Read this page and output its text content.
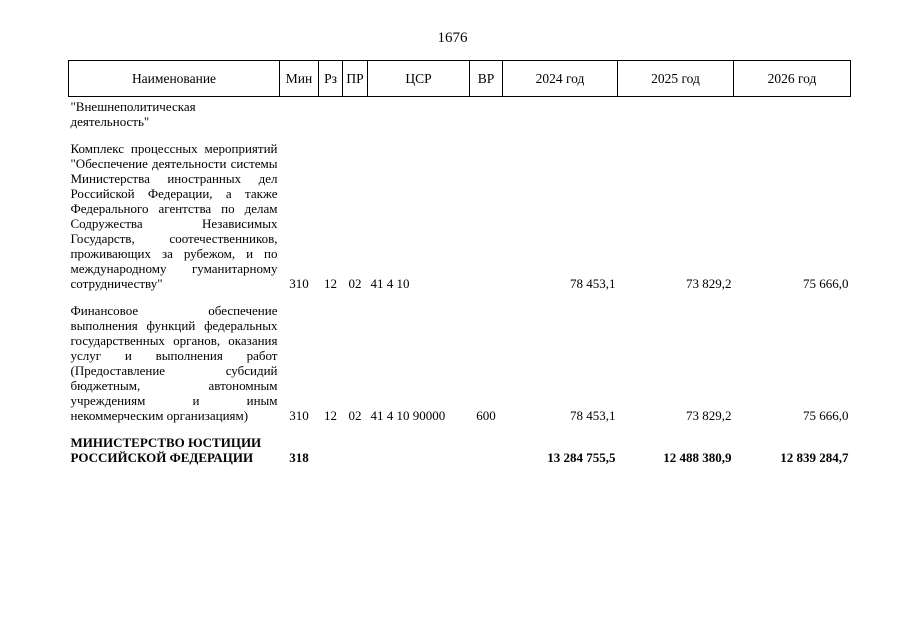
1676
Наименование	Мин	Рз	ПР	ЦСР	ВР	2024 год	2025 год	2026 год
"Внешнеполитическая деятельность"								

Комплекс процессных мероприятий "Обеспечение деятельности системы Министерства иностранных дел Российской Федерации, а также Федерального агентства по делам Содружества Независимых Государств, соотечественников, проживающих за рубежом, и по международному гуманитарному сотрудничеству"	310	12	02	41 4 10		78 453,1	73 829,2	75 666,0

Финансовое обеспечение выполнения функций федеральных государственных органов, оказания услуг и выполнения работ (Предоставление субсидий бюджетным, автономным учреждениям и иным некоммерческим организациям)	310	12	02	41 4 10 90000	600	78 453,1	73 829,2	75 666,0

МИНИСТЕРСТВО ЮСТИЦИИ РОССИЙСКОЙ ФЕДЕРАЦИИ	318					13 284 755,5	12 488 380,9	12 839 284,7
